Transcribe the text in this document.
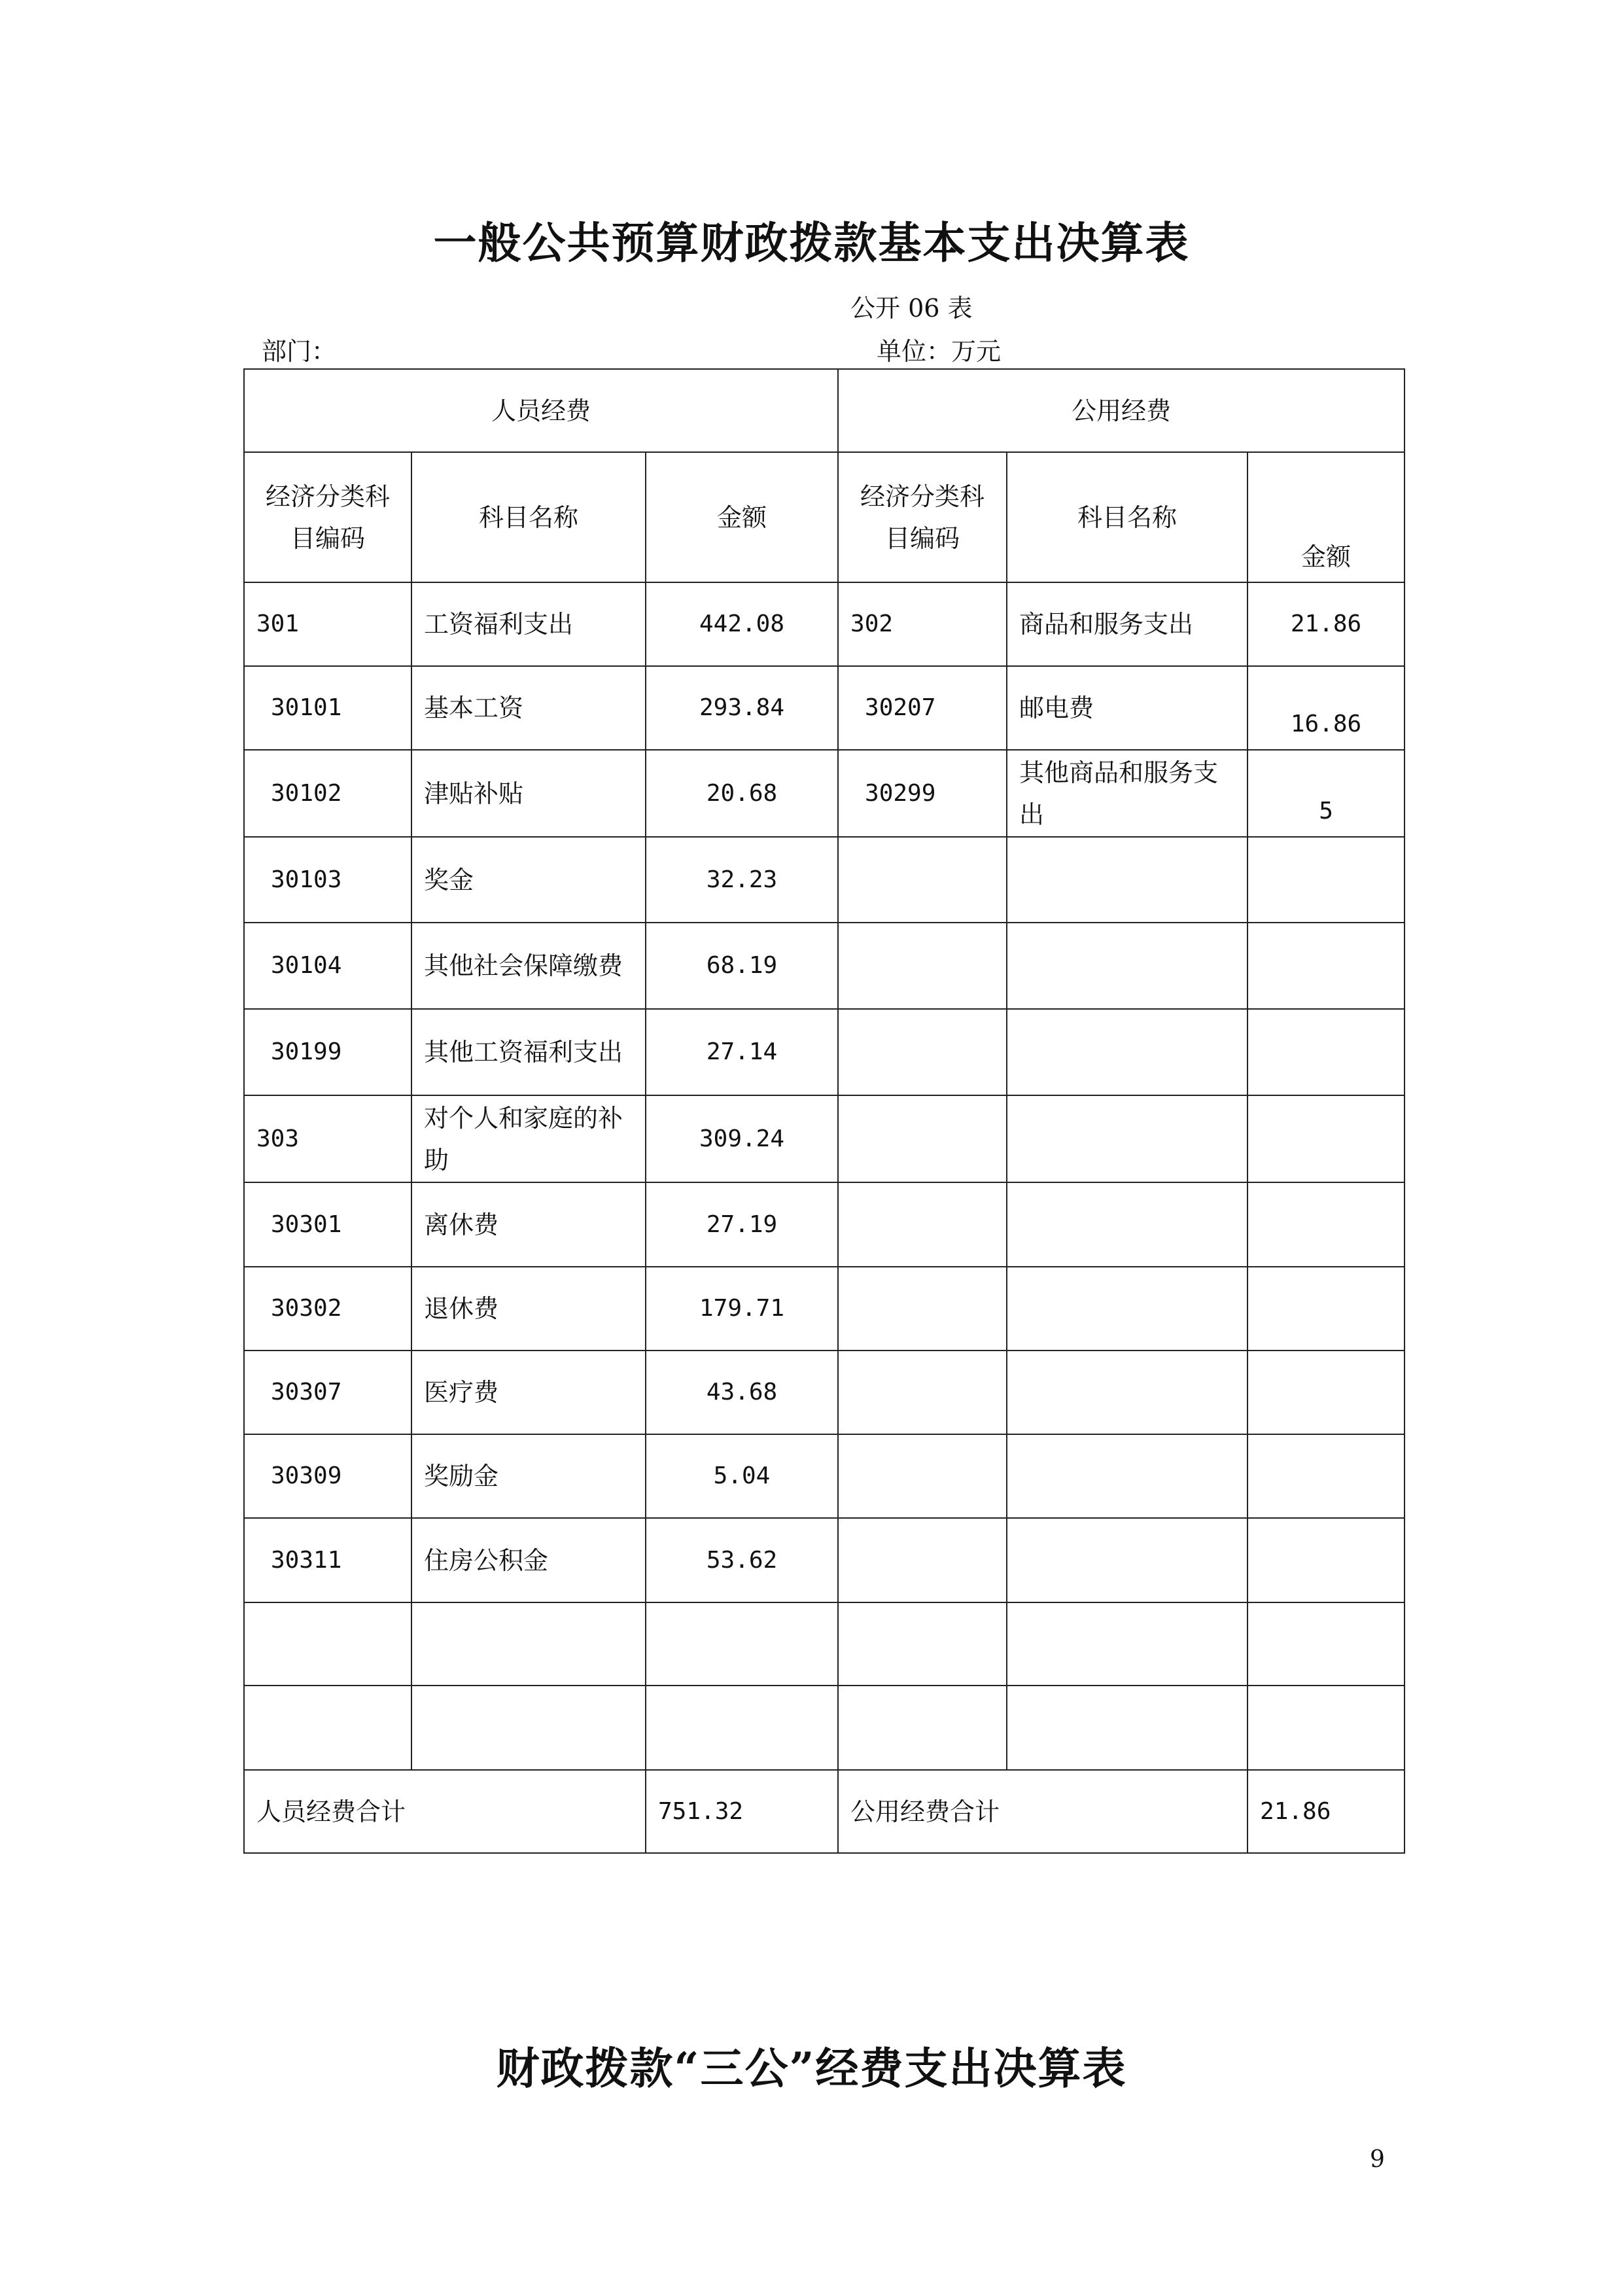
一般公共预算财政拨款基本支出决算表
公开 06 表
部门：	单位：万元
人员经费			公用经费		
经济分类科目编码	科目名称	金额	经济分类科目编码	科目名称	金额
301	工资福利支出	442.08	302	商品和服务支出	21.86
30101	基本工资	293.84	30207	邮电费	16.86
30102	津贴补贴	20.68	30299	其他商品和服务支出	5
30103	奖金	32.23			
30104	其他社会保障缴费	68.19			
30199	其他工资福利支出	27.14			
303	对个人和家庭的补助	309.24			
30301	离休费	27.19			
30302	退休费	179.71			
30307	医疗费	43.68			
30309	奖励金	5.04			
30311	住房公积金	53.62			

人员经费合计		751.32	公用经费合计		21.86
财政拨款“三公”经费支出决算表
9
